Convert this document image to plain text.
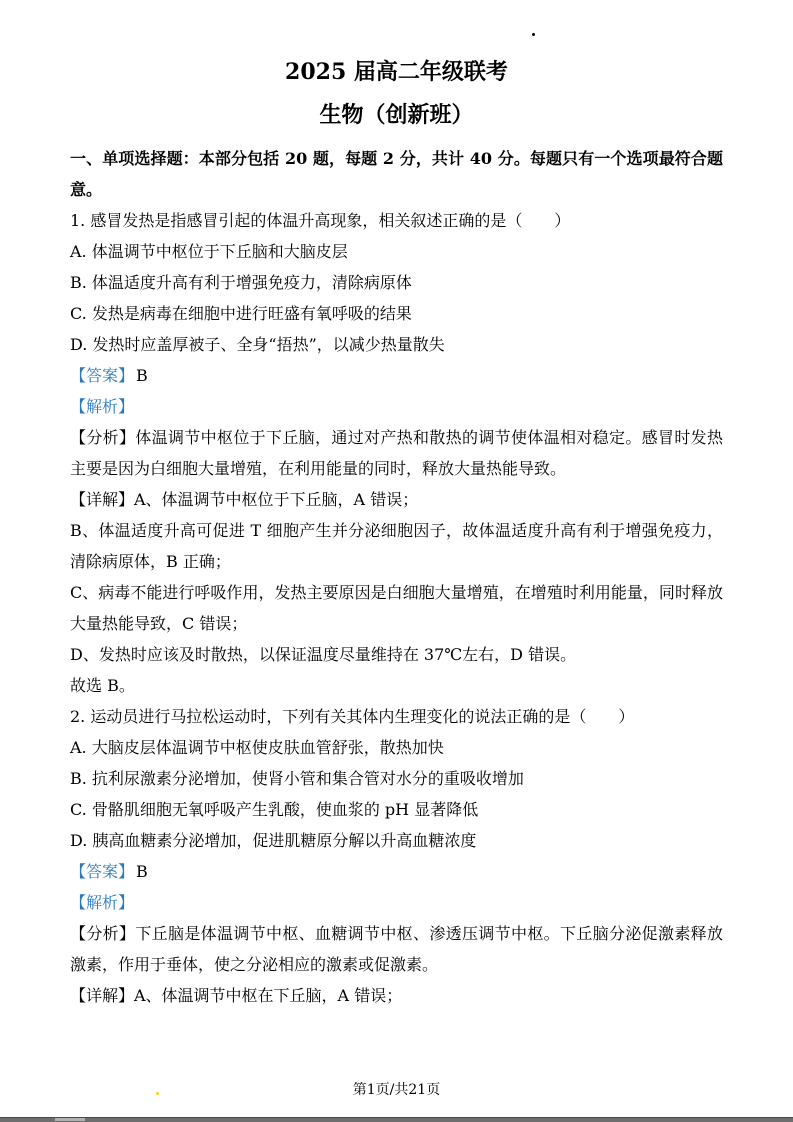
2025 届高二年级联考
生物（创新班）

一、单项选择题：本部分包括 20 题，每题 2 分，共计 40 分。每题只有一个选项最符合题意。

1. 感冒发热是指感冒引起的体温升高现象，相关叙述正确的是（　　）

A. 体温调节中枢位于下丘脑和大脑皮层

B. 体温适度升高有利于增强免疫力，清除病原体

C. 发热是病毒在细胞中进行旺盛有氧呼吸的结果

D. 发热时应盖厚被子、全身“捂热”，以减少热量散失

【答案】 B

【解析】

【分析】体温调节中枢位于下丘脑，通过对产热和散热的调节使体温相对稳定。感冒时发热主要是因为白细胞大量增殖，在利用能量的同时，释放大量热能导致。

【详解】A、体温调节中枢位于下丘脑，A 错误；

B、体温适度升高可促进 T 细胞产生并分泌细胞因子，故体温适度升高有利于增强免疫力，清除病原体，B 正确；

C、病毒不能进行呼吸作用，发热主要原因是白细胞大量增殖，在增殖时利用能量，同时释放大量热能导致，C 错误；

D、发热时应该及时散热，以保证温度尽量维持在 37℃左右，D 错误。

故选 B。

2. 运动员进行马拉松运动时，下列有关其体内生理变化的说法正确的是（　　）

A. 大脑皮层体温调节中枢使皮肤血管舒张，散热加快

B. 抗利尿激素分泌增加，使肾小管和集合管对水分的重吸收增加

C. 骨骼肌细胞无氧呼吸产生乳酸，使血浆的 pH 显著降低

D. 胰高血糖素分泌增加，促进肌糖原分解以升高血糖浓度

【答案】 B

【解析】

【分析】下丘脑是体温调节中枢、血糖调节中枢、渗透压调节中枢。下丘脑分泌促激素释放激素，作用于垂体，使之分泌相应的激素或促激素。

【详解】A、体温调节中枢在下丘脑，A 错误；

第1页/共21页
